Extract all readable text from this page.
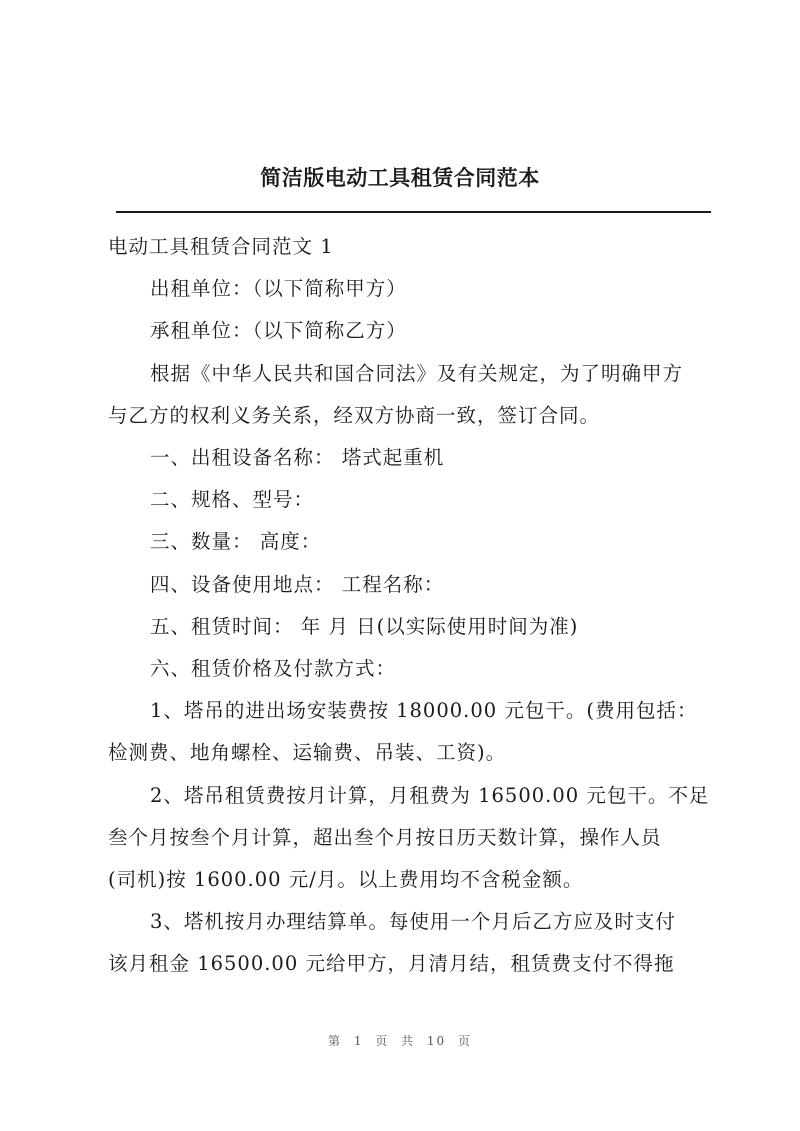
简洁版电动工具租赁合同范本

电动工具租赁合同范文 1

出租单位：（以下简称甲方）

承租单位：（以下简称乙方）

根据《中华人民共和国合同法》及有关规定，为了明确甲方

与乙方的权利义务关系，经双方协商一致，签订合同。

一、出租设备名称： 塔式起重机

二、规格、型号：

三、数量： 高度：

四、设备使用地点： 工程名称：

五、租赁时间： 年 月 日(以实际使用时间为准)

六、租赁价格及付款方式：

1、塔吊的进出场安装费按 18000.00 元包干。(费用包括：

检测费、地角螺栓、运输费、吊装、工资)。

2、塔吊租赁费按月计算，月租费为 16500.00 元包干。不足

叁个月按叁个月计算，超出叁个月按日历天数计算，操作人员

(司机)按 1600.00 元/月。以上费用均不含税金额。

3、塔机按月办理结算单。每使用一个月后乙方应及时支付

该月租金 16500.00 元给甲方，月清月结，租赁费支付不得拖

第 1 页 共 10 页
